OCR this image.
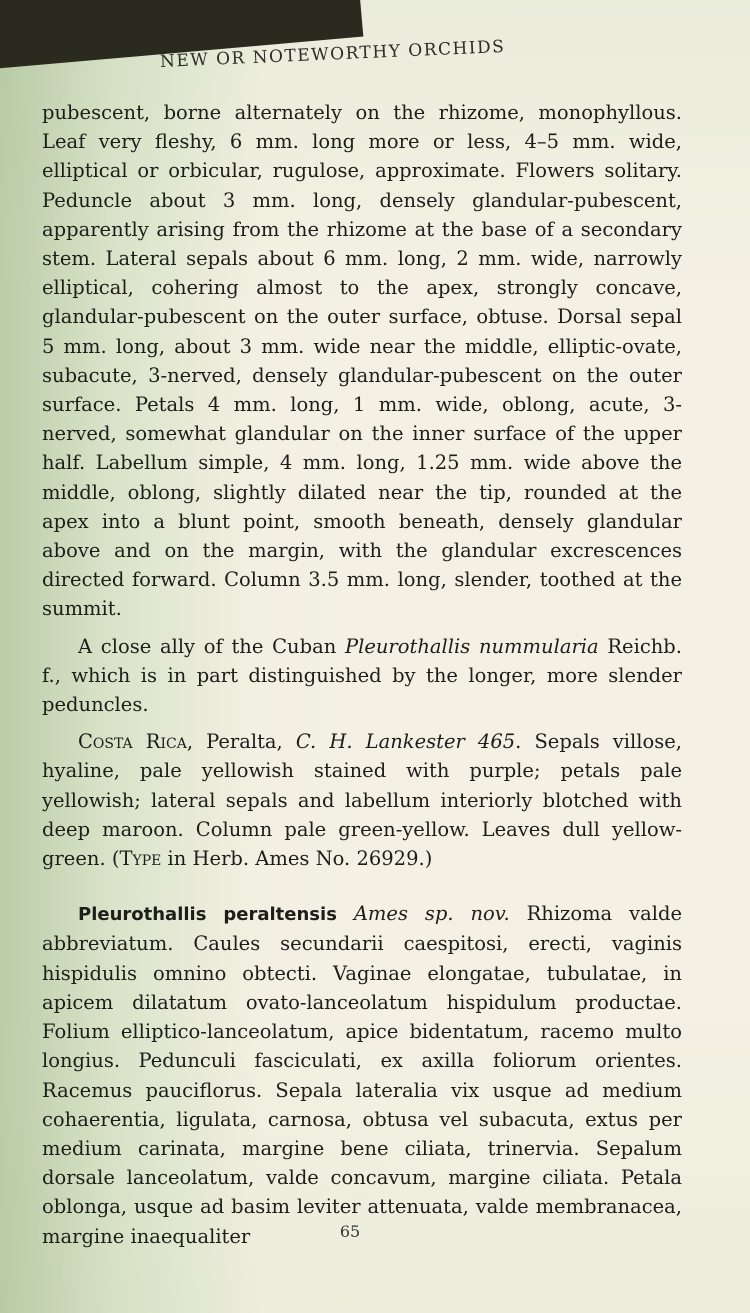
NEW OR NOTEWORTHY ORCHIDS

pubescent, borne alternately on the rhizome, monophyllous. Leaf very fleshy, 6 mm. long more or less, 4–5 mm. wide, elliptical or orbicular, rugulose, approximate. Flowers solitary. Peduncle about 3 mm. long, densely glandular-pubescent, apparently arising from the rhizome at the base of a secondary stem. Lateral sepals about 6 mm. long, 2 mm. wide, narrowly elliptical, cohering almost to the apex, strongly concave, glandular-pubescent on the outer surface, obtuse. Dorsal sepal 5 mm. long, about 3 mm. wide near the middle, elliptic-ovate, subacute, 3-nerved, densely glandular-pubescent on the outer surface. Petals 4 mm. long, 1 mm. wide, oblong, acute, 3-nerved, somewhat glandular on the inner surface of the upper half. Labellum simple, 4 mm. long, 1.25 mm. wide above the middle, oblong, slightly dilated near the tip, rounded at the apex into a blunt point, smooth beneath, densely glandular above and on the margin, with the glandular excrescences directed forward. Column 3.5 mm. long, slender, toothed at the summit.

A close ally of the Cuban Pleurothallis nummularia Reichb. f., which is in part distinguished by the longer, more slender peduncles.

Costa Rica, Peralta, C. H. Lankester 465. Sepals villose, hyaline, pale yellowish stained with purple; petals pale yellowish; lateral sepals and labellum interiorly blotched with deep maroon. Column pale green-yellow. Leaves dull yellow-green. (Type in Herb. Ames No. 26929.)

Pleurothallis peraltensis Ames sp. nov. Rhizoma valde abbreviatum. Caules secundarii caespitosi, erecti, vaginis hispidulis omnino obtecti. Vaginae elongatae, tubulatae, in apicem dilatatum ovato-lanceolatum hispidulum productae. Folium elliptico-lanceolatum, apice bidentatum, racemo multo longius. Pedunculi fasciculati, ex axilla foliorum orientes. Racemus pauciflorus. Sepala lateralia vix usque ad medium cohaerentia, ligulata, carnosa, obtusa vel subacuta, extus per medium carinata, margine bene ciliata, trinervia. Sepalum dorsale lanceolatum, valde concavum, margine ciliata. Petala oblonga, usque ad basim leviter attenuata, valde membranacea, margine inaequaliter	65
